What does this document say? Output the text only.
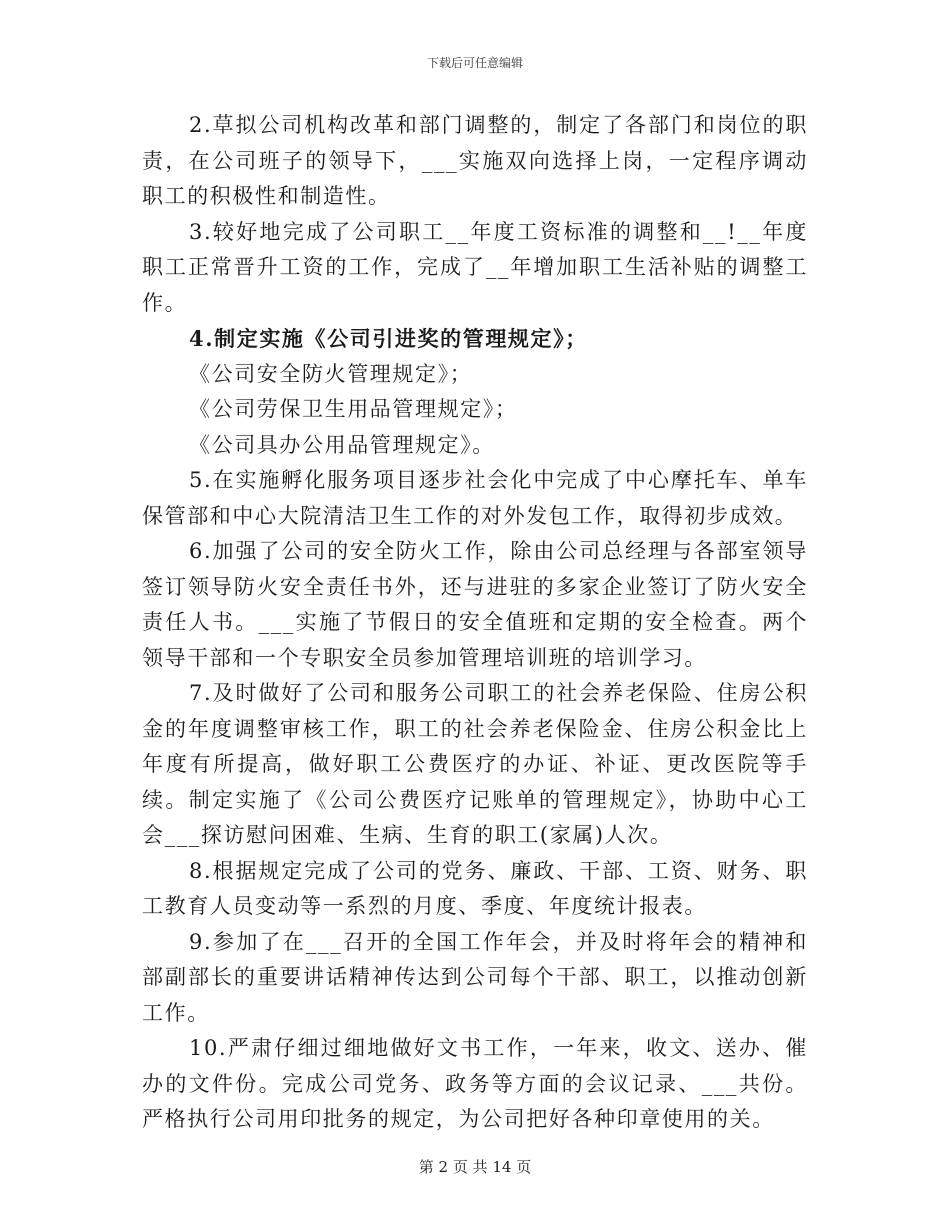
下载后可任意编辑

2.草拟公司机构改革和部门调整的，制定了各部门和岗位的职责，在公司班子的领导下，___实施双向选择上岗，一定程序调动职工的积极性和制造性。

3.较好地完成了公司职工__年度工资标准的调整和__!__年度职工正常晋升工资的工作，完成了__年增加职工生活补贴的调整工作。

4.制定实施《公司引进奖的管理规定》；

《公司安全防火管理规定》；

《公司劳保卫生用品管理规定》；

《公司具办公用品管理规定》。

5.在实施孵化服务项目逐步社会化中完成了中心摩托车、单车保管部和中心大院清洁卫生工作的对外发包工作，取得初步成效。

6.加强了公司的安全防火工作，除由公司总经理与各部室领导签订领导防火安全责任书外，还与进驻的多家企业签订了防火安全责任人书。___实施了节假日的安全值班和定期的安全检查。两个领导干部和一个专职安全员参加管理培训班的培训学习。

7.及时做好了公司和服务公司职工的社会养老保险、住房公积金的年度调整审核工作，职工的社会养老保险金、住房公积金比上年度有所提高，做好职工公费医疗的办证、补证、更改医院等手续。制定实施了《公司公费医疗记账单的管理规定》，协助中心工会___探访慰问困难、生病、生育的职工(家属)人次。

8.根据规定完成了公司的党务、廉政、干部、工资、财务、职工教育人员变动等一系烈的月度、季度、年度统计报表。

9.参加了在___召开的全国工作年会，并及时将年会的精神和部副部长的重要讲话精神传达到公司每个干部、职工，以推动创新工作。

10.严肃仔细过细地做好文书工作，一年来，收文、送办、催办的文件份。完成公司党务、政务等方面的会议记录、___共份。严格执行公司用印批务的规定，为公司把好各种印章使用的关。

第 2 页 共 14 页
